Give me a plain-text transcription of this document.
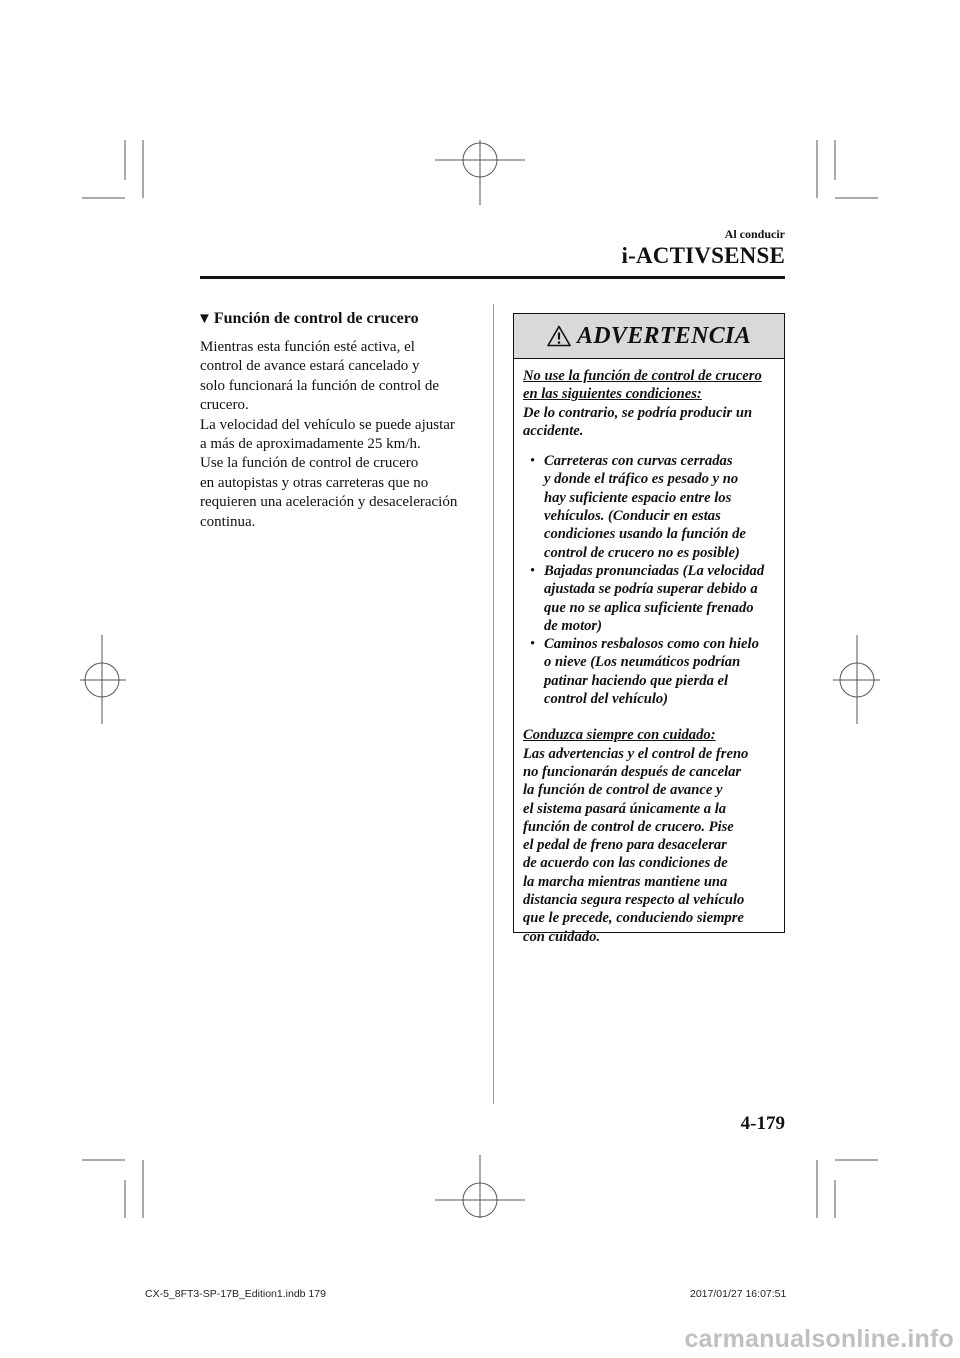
Al conducir
i-ACTIVSENSE
▼ Función de control de crucero

Mientras esta función esté activa, el

control de avance estará cancelado y

solo funcionará la función de control de

crucero.

La velocidad del vehículo se puede ajustar

a más de aproximadamente 25 km/h.

Use la función de control de crucero

en autopistas y otras carreteras que no

requieren una aceleración y desaceleración

continua.

ADVERTENCIA

No use la función de control de crucero

en las siguientes condiciones:

De lo contrario, se podría producir un

accidente.

• Carreteras con curvas cerradas

y donde el tráfico es pesado y no

hay suficiente espacio entre los

vehículos. (Conducir en estas

condiciones usando la función de

control de crucero no es posible)

• Bajadas pronunciadas (La velocidad

ajustada se podría superar debido a

que no se aplica suficiente frenado

de motor)

• Caminos resbalosos como con hielo

o nieve (Los neumáticos podrían

patinar haciendo que pierda el

control del vehículo)

Conduzca siempre con cuidado:

Las advertencias y el control de freno

no funcionarán después de cancelar

la función de control de avance y

el sistema pasará únicamente a la

función de control de crucero. Pise

el pedal de freno para desacelerar

de acuerdo con las condiciones de

la marcha mientras mantiene una

distancia segura respecto al vehículo

que le precede, conduciendo siempre

con cuidado.

4-179
CX-5_8FT3-SP-17B_Edition1.indb 179	2017/01/27 16:07:51
carmanualsonline.info
